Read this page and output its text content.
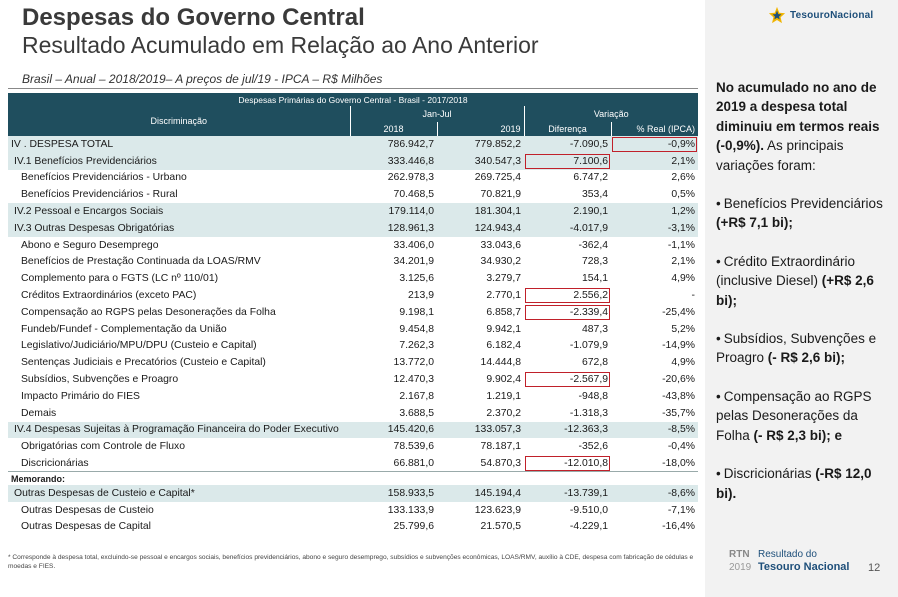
Despesas do Governo Central
Resultado Acumulado em Relação ao Ano Anterior
Brasil – Anual – 2018/2019– A preços de jul/19 - IPCA – R$ Milhões
Despesas Primárias do Governo Central - Brasil - 2017/2018				
Discriminação	Jan-Jul		Variação	
	2018	2019	Diferença	% Real (IPCA)
IV . DESPESA TOTAL	786.942,7	779.852,2	-7.090,5	-0,9%
IV.1 Benefícios Previdenciários	333.446,8	340.547,3	7.100,6	2,1%
Benefícios Previdenciários - Urbano	262.978,3	269.725,4	6.747,2	2,6%
Benefícios Previdenciários - Rural	70.468,5	70.821,9	353,4	0,5%
IV.2 Pessoal e Encargos Sociais	179.114,0	181.304,1	2.190,1	1,2%
IV.3 Outras Despesas Obrigatórias	128.961,3	124.943,4	-4.017,9	-3,1%
Abono e Seguro Desemprego	33.406,0	33.043,6	-362,4	-1,1%
Benefícios de Prestação Continuada da LOAS/RMV	34.201,9	34.930,2	728,3	2,1%
Complemento para o FGTS (LC nº 110/01)	3.125,6	3.279,7	154,1	4,9%
Créditos Extraordinários (exceto PAC)	213,9	2.770,1	2.556,2	-
Compensação ao RGPS pelas Desonerações da Folha	9.198,1	6.858,7	-2.339,4	-25,4%
Fundeb/Fundef - Complementação da União	9.454,8	9.942,1	487,3	5,2%
Legislativo/Judiciário/MPU/DPU (Custeio e Capital)	7.262,3	6.182,4	-1.079,9	-14,9%
Sentenças Judiciais e Precatórios (Custeio e Capital)	13.772,0	14.444,8	672,8	4,9%
Subsídios, Subvenções e Proagro	12.470,3	9.902,4	-2.567,9	-20,6%
Impacto Primário do FIES	2.167,8	1.219,1	-948,8	-43,8%
Demais	3.688,5	2.370,2	-1.318,3	-35,7%
IV.4 Despesas Sujeitas à Programação Financeira do Poder Executivo	145.420,6	133.057,3	-12.363,3	-8,5%
Obrigatórias com Controle de Fluxo	78.539,6	78.187,1	-352,6	-0,4%
Discricionárias	66.881,0	54.870,3	-12.010,8	-18,0%
Memorando:				
Outras Despesas de Custeio e Capital*	158.933,5	145.194,4	-13.739,1	-8,6%
Outras Despesas de Custeio	133.133,9	123.623,9	-9.510,0	-7,1%
Outras Despesas de Capital	25.799,6	21.570,5	-4.229,1	-16,4%
* Corresponde à despesa total, excluindo-se pessoal e encargos sociais, benefícios previdenciários, abono e seguro desemprego, subsídios e subvenções econômicas, LOAS/RMV, auxílio à CDE, despesa com fabricação de cédulas e moedas e FIES.
TesouroNacional
No acumulado no ano de 2019 a despesa total diminuiu em termos reais (-0,9%). As principais variações foram:
• Benefícios Previdenciários (+R$ 7,1 bi);
• Crédito Extraordinário (inclusive Diesel) (+R$ 2,6 bi);
• Subsídios, Subvenções e Proagro (- R$ 2,6 bi);
• Compensação ao RGPS pelas Desonerações da Folha (- R$ 2,3 bi); e
• Discricionárias (-R$ 12,0 bi).
RTN
2019
Resultado do
Tesouro Nacional 12
